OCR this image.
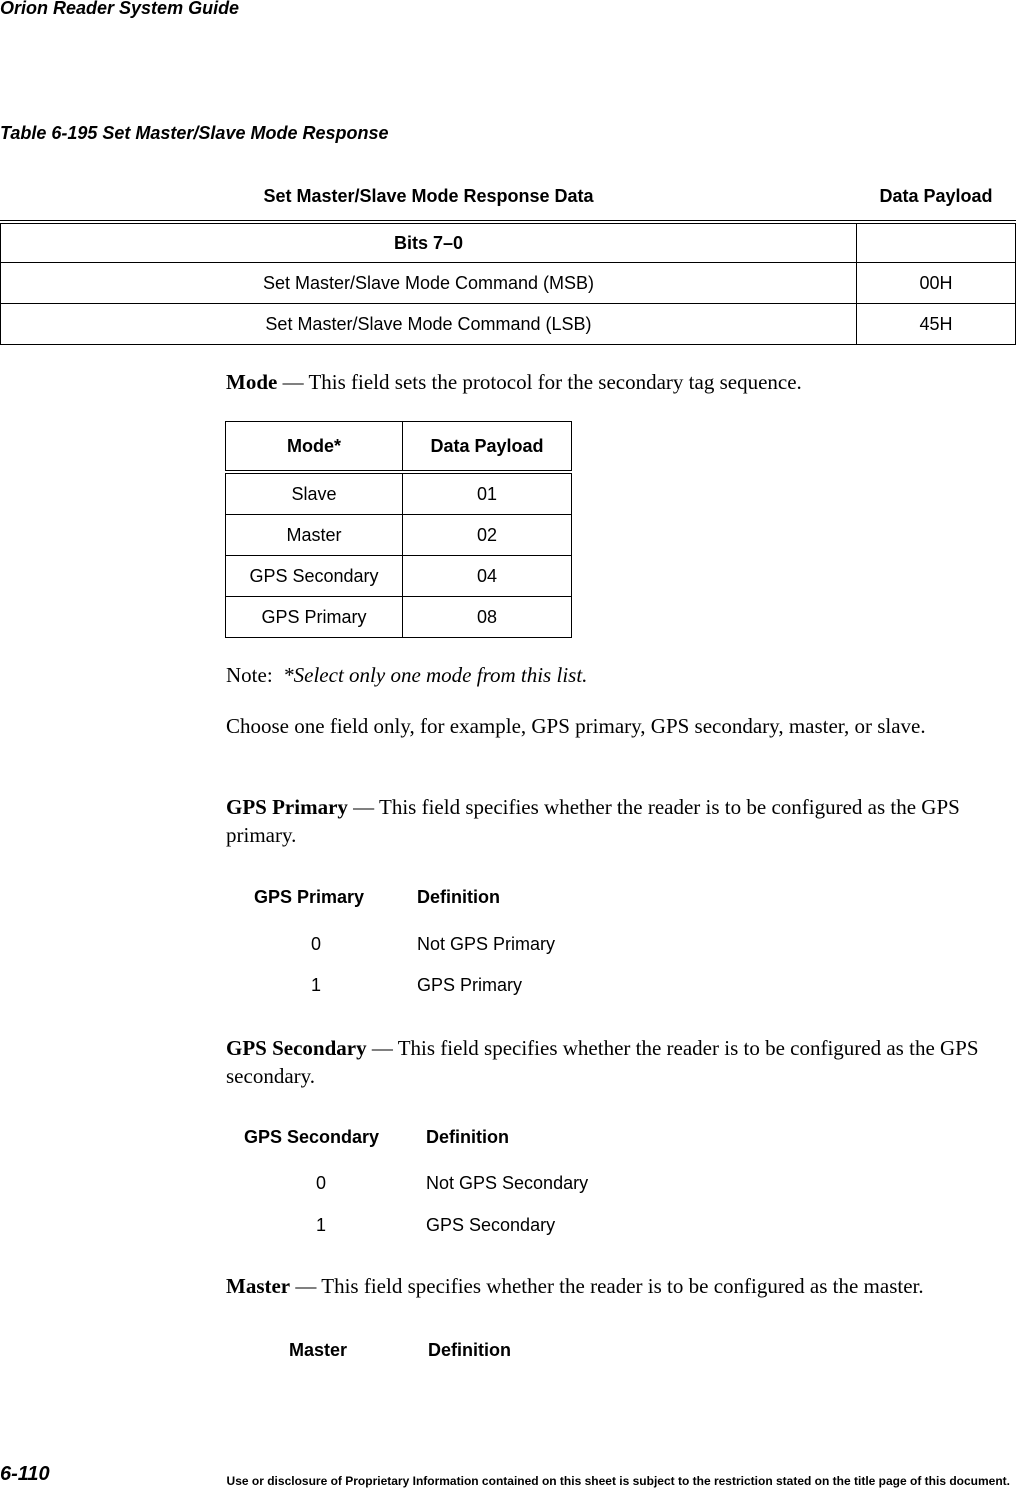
Orion Reader System Guide
Table 6-195 Set Master/Slave Mode Response
Set Master/Slave Mode Response Data	Data Payload
Bits 7–0	
Set Master/Slave Mode Command (MSB)	00H
Set Master/Slave Mode Command (LSB)	45H
Mode — This field sets the protocol for the secondary tag sequence.
Mode*	Data Payload
Slave	01
Master	02
GPS Secondary	04
GPS Primary	08
Note:  *Select only one mode from this list.
Choose one field only, for example, GPS primary, GPS secondary, master, or slave.
GPS Primary — This field specifies whether the reader is to be configured as the GPS primary.
GPS Primary	Definition
0	Not GPS Primary
1	GPS Primary
GPS Secondary — This field specifies whether the reader is to be configured as the GPS secondary.
GPS Secondary	Definition
0	Not GPS Secondary
1	GPS Secondary
Master — This field specifies whether the reader is to be configured as the master.
Master	Definition
6-110	Use or disclosure of Proprietary Information contained on this sheet is subject to the restriction stated on the title page of this document.
